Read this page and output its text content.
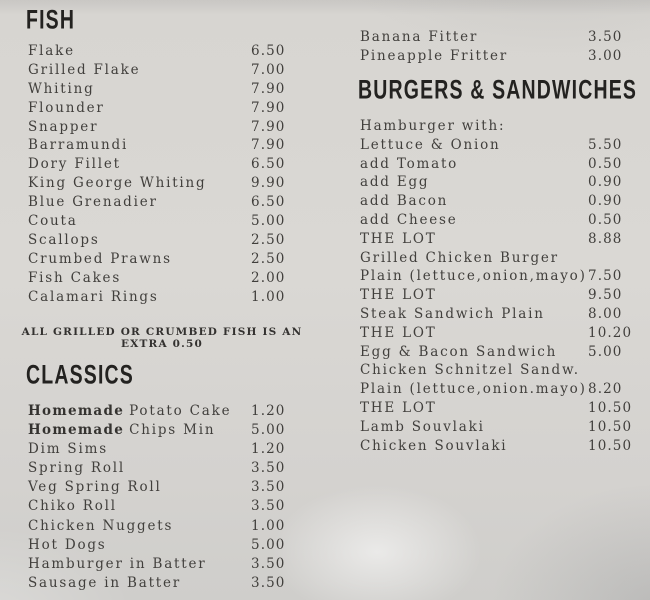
FISH
Flake	6.50
Grilled Flake	7.00
Whiting	7.90
Flounder	7.90
Snapper	7.90
Barramundi	7.90
Dory Fillet	6.50
King George Whiting	9.90
Blue Grenadier	6.50
Couta	5.00
Scallops	2.50
Crumbed Prawns	2.50
Fish Cakes	2.00
Calamari Rings	1.00
ALL GRILLED OR CRUMBED FISH IS AN
EXTRA 0.50
CLASSICS
Homemade Potato Cake 1.20
Homemade Chips Min	5.00
Dim Sims	1.20
Spring Roll	3.50
Veg Spring Roll	3.50
Chiko Roll	3.50
Chicken Nuggets	1.00
Hot Dogs	5.00
Hamburger in Batter	3.50
Sausage in Batter	3.50
Banana Fitter	3.50
Pineapple Fritter	3.00
BURGERS & SANDWICHES
Hamburger with:
Lettuce & Onion	5.50
add Tomato	0.50
add Egg	0.90
add Bacon	0.90
add Cheese	0.50
THE LOT	8.88
Grilled Chicken Burger
Plain (lettuce,onion,mayo) 7.50
THE LOT	9.50
Steak Sandwich Plain	8.00
THE LOT	10.20
Egg & Bacon Sandwich 5.00
Chicken Schnitzel Sandw.
Plain (lettuce,onion.mayo) 8.20
THE LOT	10.50
Lamb Souvlaki	10.50
Chicken Souvlaki	10.50
